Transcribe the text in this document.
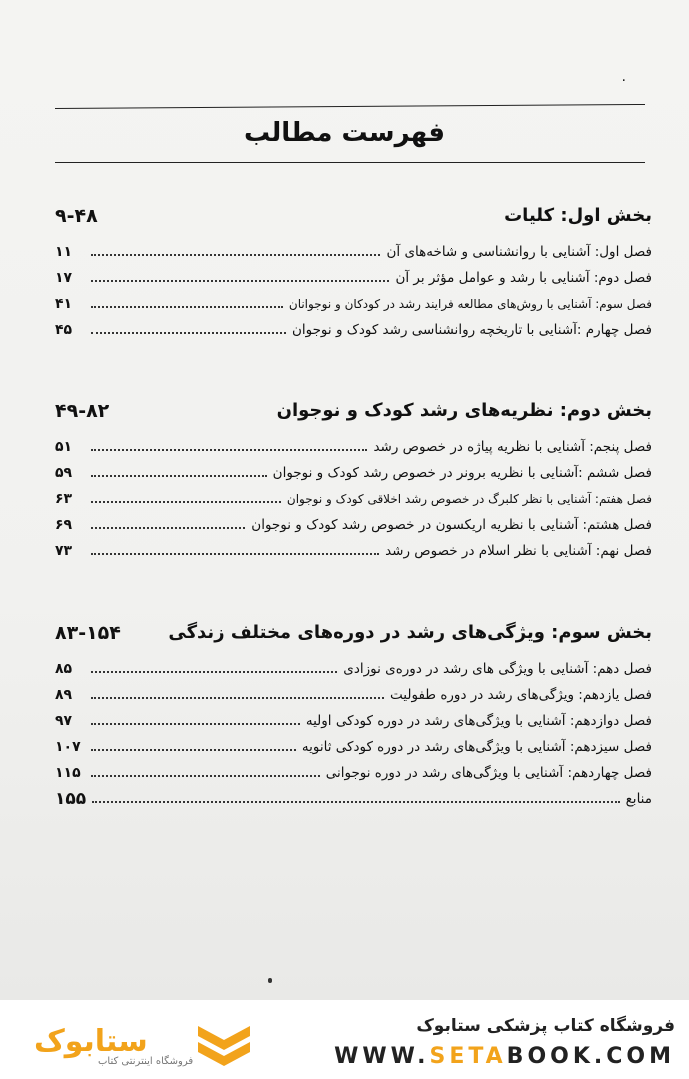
۰
فهرست مطالب
بخش اول: کلیات
۹-۴۸
فصل اول: آشنایی با روانشناسی و شاخه‌های آن
۱۱
فصل دوم: آشنایی با رشد و عوامل مؤثر بر آن
۱۷
فصل سوم: آشنایی با روش‌های مطالعه فرایند رشد در کودکان و نوجوانان
۴۱
فصل چهارم :آشنایی با تاریخچه روانشناسی رشد کودک و نوجوان
۴۵
بخش دوم: نظریه‌های رشد کودک و نوجوان
۴۹-۸۲
فصل پنجم: آشنایی با نظریه پیاژه در خصوص رشد
۵۱
فصل ششم :آشنایی با نظریه برونر در خصوص رشد کودک و نوجوان
۵۹
فصل هفتم: آشنایی با نظر کلبرگ در خصوص رشد اخلاقی کودک و نوجوان
۶۳
فصل هشتم: آشنایی با نظریه اریکسون در خصوص رشد کودک و نوجوان
۶۹
فصل نهم: آشنایی با نظر اسلام در خصوص رشد
۷۳
بخش سوم: ویژگی‌های رشد در دوره‌های مختلف زندگی
۸۳-۱۵۴
فصل دهم: آشنایی با ویژگی های رشد در دوره‌ی نوزادی
۸۵
فصل یازدهم: ویژگی‌های رشد در دوره طفولیت
۸۹
فصل دوازدهم: آشنایی با ویژگی‌های رشد در دوره کودکی اولیه
۹۷
فصل سیزدهم: آشنایی با ویژگی‌های رشد در دوره کودکی ثانویه
۱۰۷
فصل چهاردهم: آشنایی با ویژگی‌های رشد در دوره نوجوانی
۱۱۵
منابع
۱۵۵
ستابوک
فروشگاه اینترنتی کتاب
فروشگاه کتاب پزشکی ستابوک
WWW.SETABOOK.COM
